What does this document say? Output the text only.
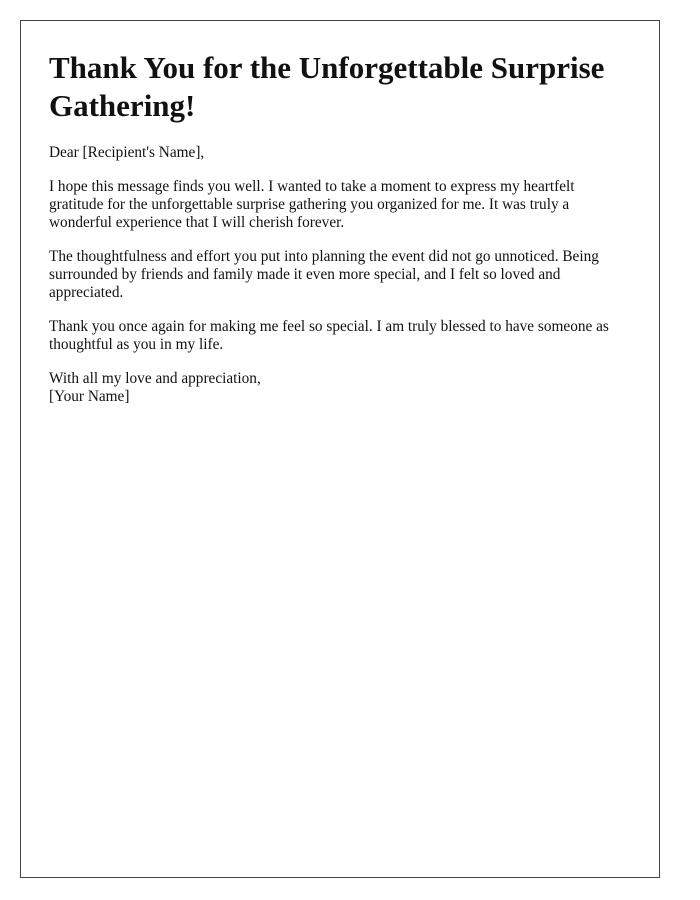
Thank You for the Unforgettable Surprise Gathering!

Dear [Recipient's Name],

I hope this message finds you well. I wanted to take a moment to express my heartfelt gratitude for the unforgettable surprise gathering you organized for me. It was truly a wonderful experience that I will cherish forever.

The thoughtfulness and effort you put into planning the event did not go unnoticed. Being surrounded by friends and family made it even more special, and I felt so loved and appreciated.

Thank you once again for making me feel so special. I am truly blessed to have someone as thoughtful as you in my life.

With all my love and appreciation,

[Your Name]
